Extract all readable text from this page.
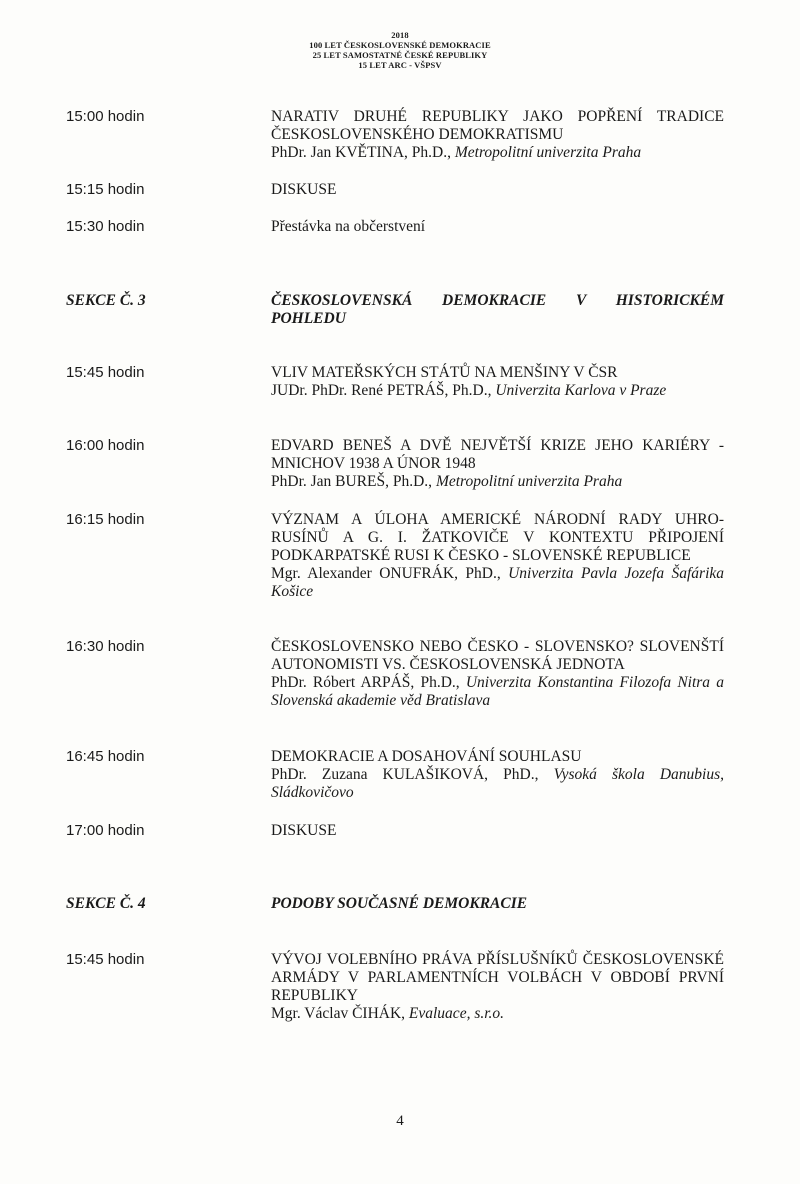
2018
100 LET ČESKOSLOVENSKÉ DEMOKRACIE
25 LET SAMOSTATNÉ ČESKÉ REPUBLIKY
15 LET ARC - VŠPSV
15:00 hodin	NARATIV DRUHÉ REPUBLIKY JAKO POPŘENÍ TRADICE ČESKOSLOVENSKÉHO DEMOKRATISMU
PhDr. Jan KVĚTINA, Ph.D., Metropolitní univerzita Praha
15:15 hodin	DISKUSE
15:30 hodin	Přestávka na občerstvení
SEKCE Č. 3	ČESKOSLOVENSKÁ DEMOKRACIE V HISTORICKÉM
POHLEDU
15:45 hodin	VLIV MATEŘSKÝCH STÁTŮ NA MENŠINY V ČSR
JUDr. PhDr. René PETRÁŠ, Ph.D., Univerzita Karlova v Praze
16:00 hodin	EDVARD BENEŠ A DVĚ NEJVĚTŠÍ KRIZE JEHO KARIÉRY - MNICHOV 1938 A ÚNOR 1948
PhDr. Jan BUREŠ, Ph.D., Metropolitní univerzita Praha
16:15 hodin	VÝZNAM A ÚLOHA AMERICKÉ NÁRODNÍ RADY UHRO-RUSÍNŮ A G. I. ŽATKOVIČE V KONTEXTU PŘIPOJENÍ PODKARPATSKÉ RUSI K ČESKO - SLOVENSKÉ REPUBLICE
Mgr. Alexander ONUFRÁK, PhD., Univerzita Pavla Jozefa Šafárika Košice
16:30 hodin	ČESKOSLOVENSKO NEBO ČESKO - SLOVENSKO? SLOVENŠTÍ AUTONOMISTI VS. ČESKOSLOVENSKÁ JEDNOTA
PhDr. Róbert ARPÁŠ, Ph.D., Univerzita Konstantina Filozofa Nitra a Slovenská akademie věd Bratislava
16:45 hodin	DEMOKRACIE A DOSAHOVÁNÍ SOUHLASU
PhDr. Zuzana KULAŠIKOVÁ, PhD., Vysoká škola Danubius, Sládkovičovo
17:00 hodin	DISKUSE
SEKCE Č. 4	PODOBY SOUČASNÉ DEMOKRACIE
15:45 hodin	VÝVOJ VOLEBNÍHO PRÁVA PŘÍSLUŠNÍKŮ ČESKOSLOVENSKÉ ARMÁDY V PARLAMENTNÍCH VOLBÁCH V OBDOBÍ PRVNÍ REPUBLIKY
Mgr. Václav ČIHÁK, Evaluace, s.r.o.
4
